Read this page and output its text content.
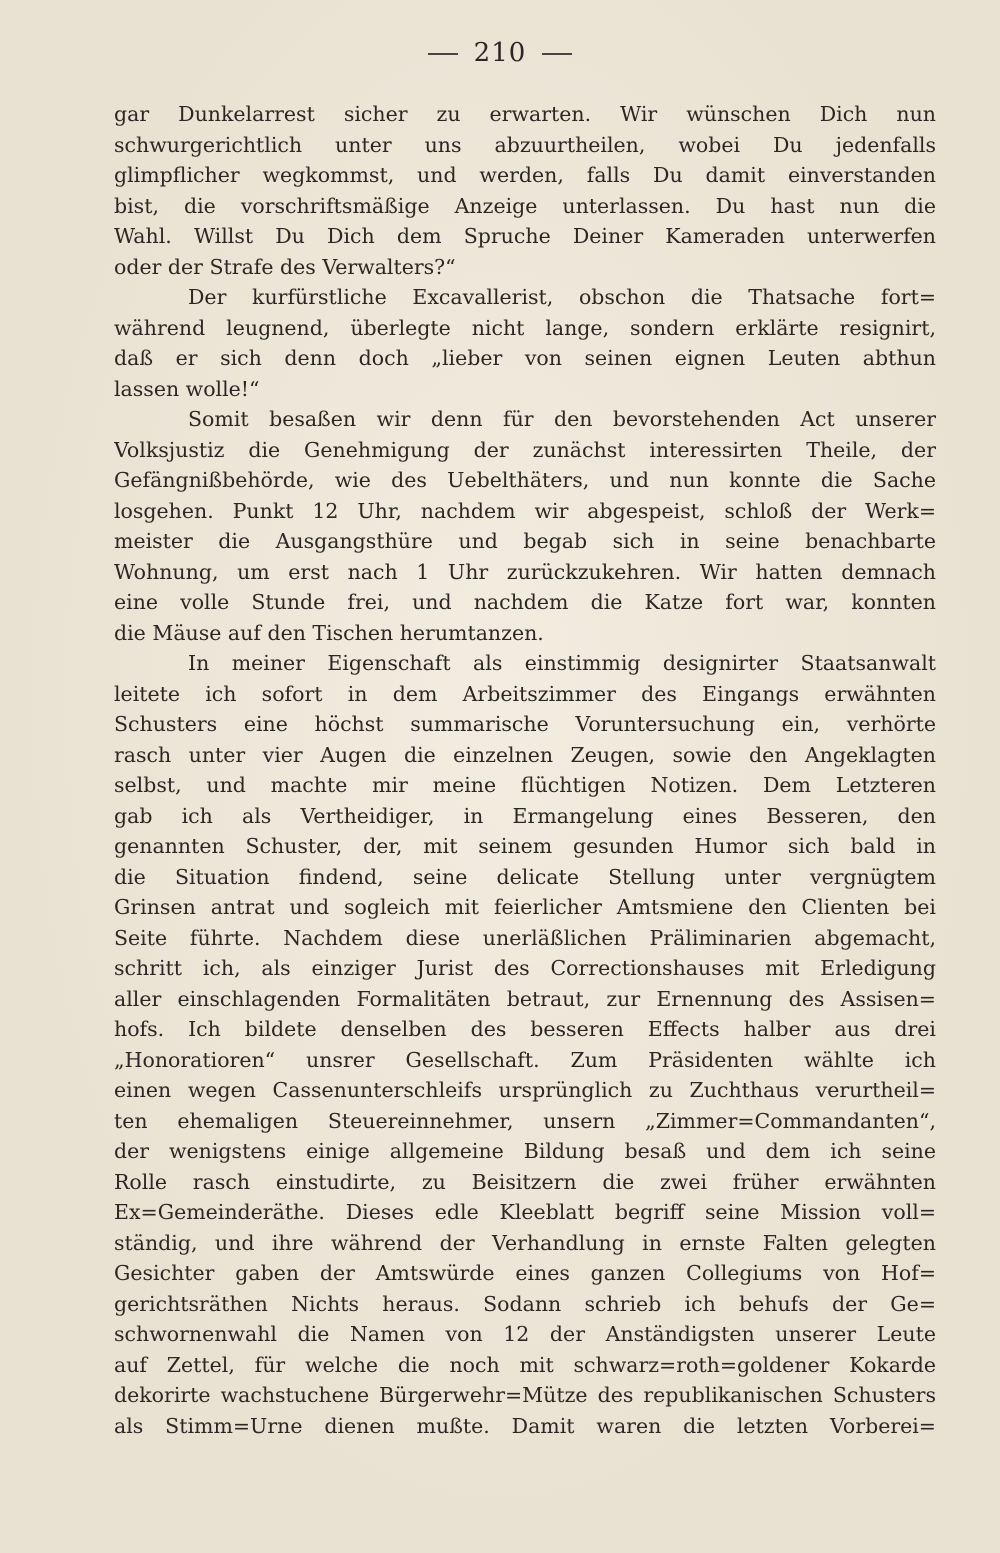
210
gar Dunkelarrest sicher zu erwarten. Wir wünschen Dich nun
schwurgerichtlich unter uns abzuurtheilen, wobei Du jedenfalls
glimpflicher wegkommst, und werden, falls Du damit einverstanden
bist, die vorschriftsmäßige Anzeige unterlassen. Du hast nun die
Wahl. Willst Du Dich dem Spruche Deiner Kameraden unterwerfen
oder der Strafe des Verwalters?“
Der kurfürstliche Excavallerist, obschon die Thatsache fort=
während leugnend, überlegte nicht lange, sondern erklärte resignirt,
daß er sich denn doch „lieber von seinen eignen Leuten abthun
lassen wolle!“
Somit besaßen wir denn für den bevorstehenden Act unserer
Volksjustiz die Genehmigung der zunächst interessirten Theile, der
Gefängnißbehörde, wie des Uebelthäters, und nun konnte die Sache
losgehen. Punkt 12 Uhr, nachdem wir abgespeist, schloß der Werk=
meister die Ausgangsthüre und begab sich in seine benachbarte
Wohnung, um erst nach 1 Uhr zurückzukehren. Wir hatten demnach
eine volle Stunde frei, und nachdem die Katze fort war, konnten
die Mäuse auf den Tischen herumtanzen.
In meiner Eigenschaft als einstimmig designirter Staatsanwalt
leitete ich sofort in dem Arbeitszimmer des Eingangs erwähnten
Schusters eine höchst summarische Voruntersuchung ein, verhörte
rasch unter vier Augen die einzelnen Zeugen, sowie den Angeklagten
selbst, und machte mir meine flüchtigen Notizen. Dem Letzteren
gab ich als Vertheidiger, in Ermangelung eines Besseren, den
genannten Schuster, der, mit seinem gesunden Humor sich bald in
die Situation findend, seine delicate Stellung unter vergnügtem
Grinsen antrat und sogleich mit feierlicher Amtsmiene den Clienten bei
Seite führte. Nachdem diese unerläßlichen Präliminarien abgemacht,
schritt ich, als einziger Jurist des Correctionshauses mit Erledigung
aller einschlagenden Formalitäten betraut, zur Ernennung des Assisen=
hofs. Ich bildete denselben des besseren Effects halber aus drei
„Honoratioren“ unsrer Gesellschaft. Zum Präsidenten wählte ich
einen wegen Cassenunterschleifs ursprünglich zu Zuchthaus verurtheil=
ten ehemaligen Steuereinnehmer, unsern „Zimmer=Commandanten“,
der wenigstens einige allgemeine Bildung besaß und dem ich seine
Rolle rasch einstudirte, zu Beisitzern die zwei früher erwähnten
Ex=Gemeinderäthe. Dieses edle Kleeblatt begriff seine Mission voll=
ständig, und ihre während der Verhandlung in ernste Falten gelegten
Gesichter gaben der Amtswürde eines ganzen Collegiums von Hof=
gerichtsräthen Nichts heraus. Sodann schrieb ich behufs der Ge=
schwornenwahl die Namen von 12 der Anständigsten unserer Leute
auf Zettel, für welche die noch mit schwarz=roth=goldener Kokarde
dekorirte wachstuchene Bürgerwehr=Mütze des republikanischen Schusters
als Stimm=Urne dienen mußte. Damit waren die letzten Vorberei=
